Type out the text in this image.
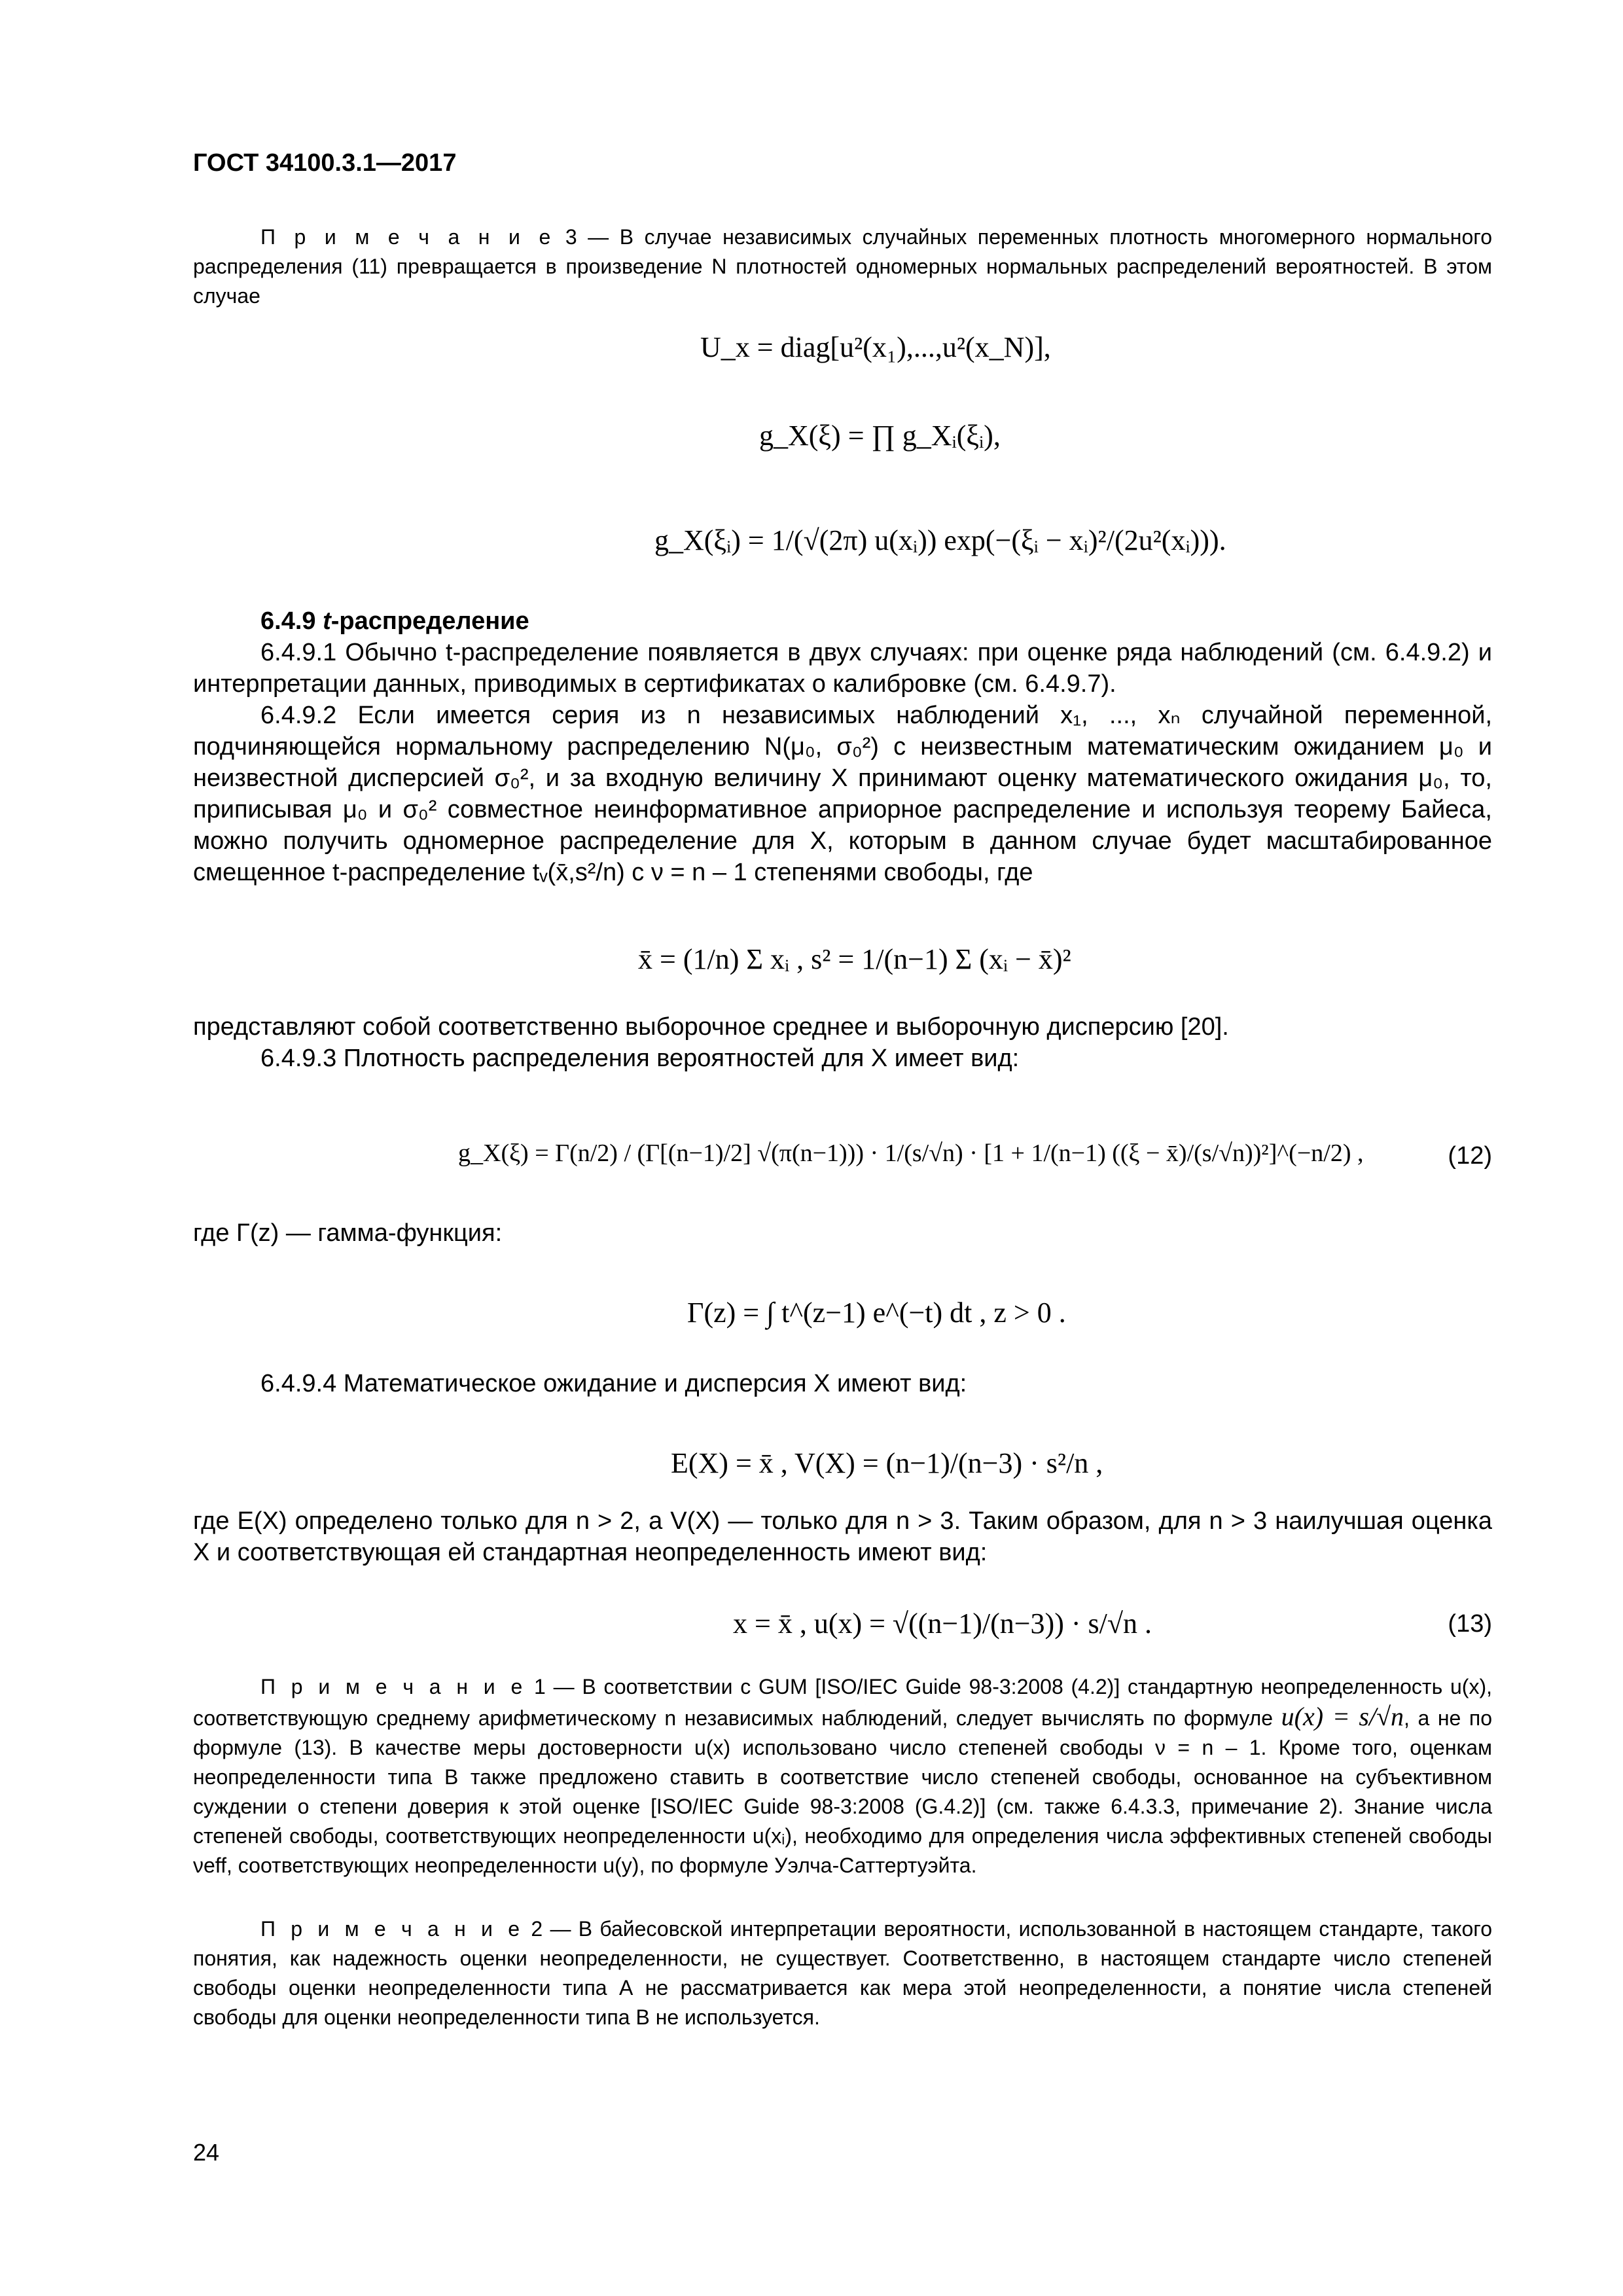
ГОСТ 34100.3.1—2017

П р и м е ч а н и е 3 — В случае независимых случайных переменных плотность многомерного нормального распределения (11) превращается в произведение N плотностей одномерных нормальных распределений вероятностей. В этом случае

U_x = diag[u²(x₁),...,u²(x_N)],
g_X(ξ) = ∏ g_Xᵢ(ξᵢ),
g_X(ξᵢ) = 1/(√(2π) u(xᵢ)) exp(−(ξᵢ − xᵢ)²/(2u²(xᵢ))).

6.4.9 t-распределение

6.4.9.1 Обычно t-распределение появляется в двух случаях: при оценке ряда наблюдений (см. 6.4.9.2) и интерпретации данных, приводимых в сертификатах о калибровке (см. 6.4.9.7).

6.4.9.2 Если имеется серия из n независимых наблюдений x₁, ..., xₙ случайной переменной, подчиняющейся нормальному распределению N(μ₀, σ₀²) с неизвестным математическим ожиданием μ₀ и неизвестной дисперсией σ₀², и за входную величину X принимают оценку математического ожидания μ₀, то, приписывая μ₀ и σ₀² совместное неинформативное априорное распределение и используя теорему Байеса, можно получить одномерное распределение для X, которым в данном случае будет масштабированное смещенное t-распределение tᵥ(x̄,s²/n) с ν = n – 1 степенями свободы, где

x̄ = (1/n) Σ xᵢ , s² = 1/(n−1) Σ (xᵢ − x̄)²

представляют собой соответственно выборочное среднее и выборочную дисперсию [20].

6.4.9.3 Плотность распределения вероятностей для X имеет вид:

g_X(ξ) = Γ(n/2) / (Γ[(n−1)/2] √(π(n−1))) · 1/(s/√n) · [1 + 1/(n−1) ((ξ − x̄)/(s/√n))²]^(−n/2) ,	(12)

где Γ(z) — гамма-функция:

Γ(z) = ∫ t^(z−1) e^(−t) dt , z > 0 .

6.4.9.4 Математическое ожидание и дисперсия X имеют вид:

E(X) = x̄ , V(X) = (n−1)/(n−3) · s²/n ,

где E(X) определено только для n > 2, а V(X) — только для n > 3. Таким образом, для n > 3 наилучшая оценка X и соответствующая ей стандартная неопределенность имеют вид:

x = x̄ , u(x) = √((n−1)/(n−3)) · s/√n .	(13)

П р и м е ч а н и е 1 — В соответствии с GUM [ISO/IEC Guide 98-3:2008 (4.2)] стандартную неопределенность u(x), соответствующую среднему арифметическому n независимых наблюдений, следует вычислять по формуле u(x) = s/√n, а не по формуле (13). В качестве меры достоверности u(x) использовано число степеней свободы ν = n – 1. Кроме того, оценкам неопределенности типа В также предложено ставить в соответствие число степеней свободы, основанное на субъективном суждении о степени доверия к этой оценке [ISO/IEC Guide 98-3:2008 (G.4.2)] (см. также 6.4.3.3, примечание 2). Знание числа степеней свободы, соответствующих неопределенности u(xᵢ), необходимо для определения числа эффективных степеней свободы νeff, соответствующих неопределенности u(y), по формуле Уэлча-Саттертуэйта.

П р и м е ч а н и е 2 — В байесовской интерпретации вероятности, использованной в настоящем стандарте, такого понятия, как надежность оценки неопределенности, не существует. Соответственно, в настоящем стандарте число степеней свободы оценки неопределенности типа А не рассматривается как мера этой неопределенности, а понятие числа степеней свободы для оценки неопределенности типа В не используется.

24
